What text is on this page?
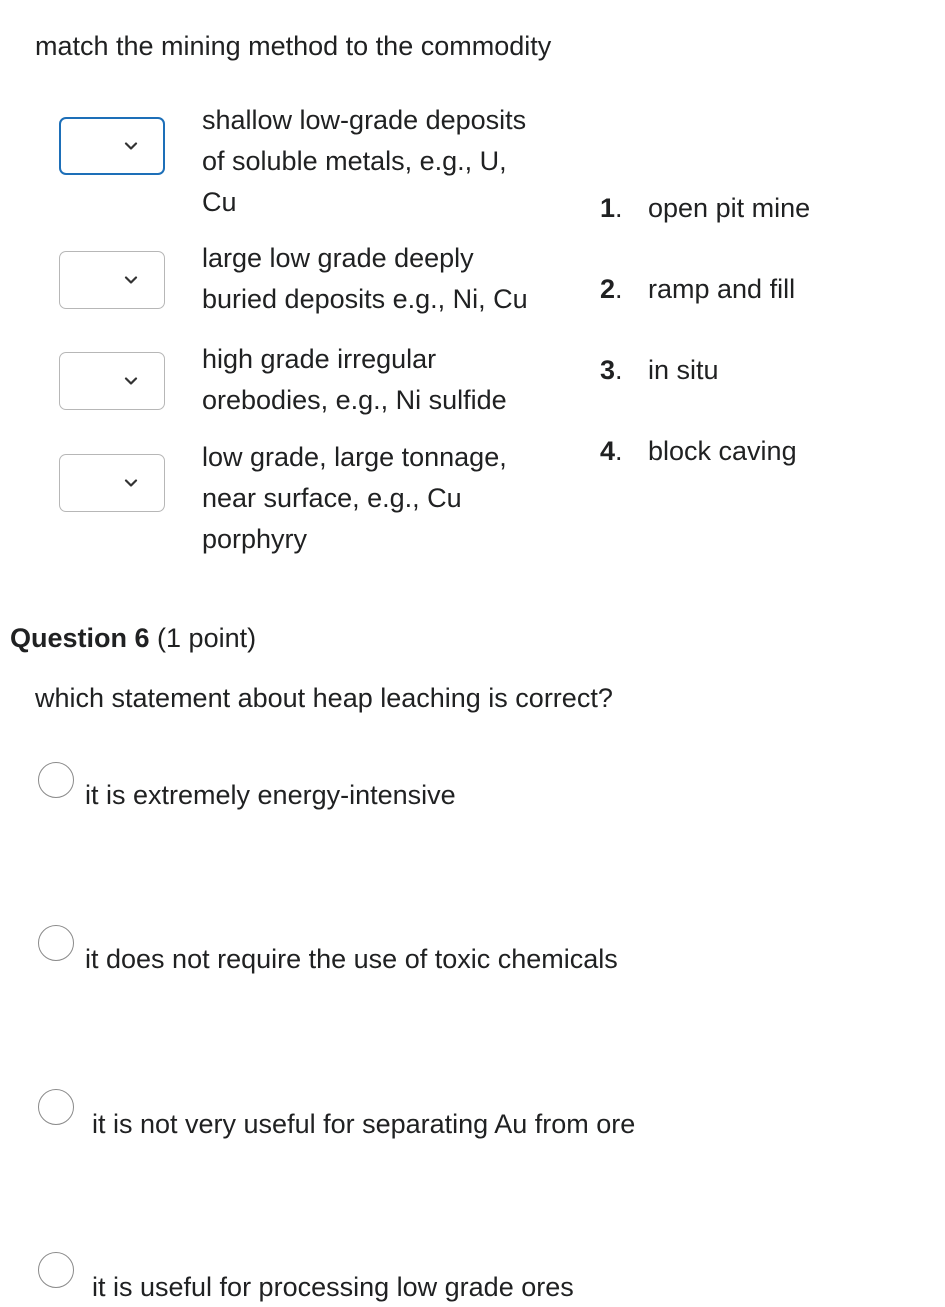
match the mining method to the commodity
shallow low-grade deposits
of soluble metals, e.g., U,
Cu
large low grade deeply
buried deposits e.g., Ni, Cu
high grade irregular
orebodies, e.g., Ni sulfide
low grade, large tonnage,
near surface, e.g., Cu
porphyry
1. open pit mine
2. ramp and fill
3. in situ
4. block caving
Question 6 (1 point)
which statement about heap leaching is correct?
it is extremely energy-intensive
it does not require the use of toxic chemicals
it is not very useful for separating Au from ore
it is useful for processing low grade ores
